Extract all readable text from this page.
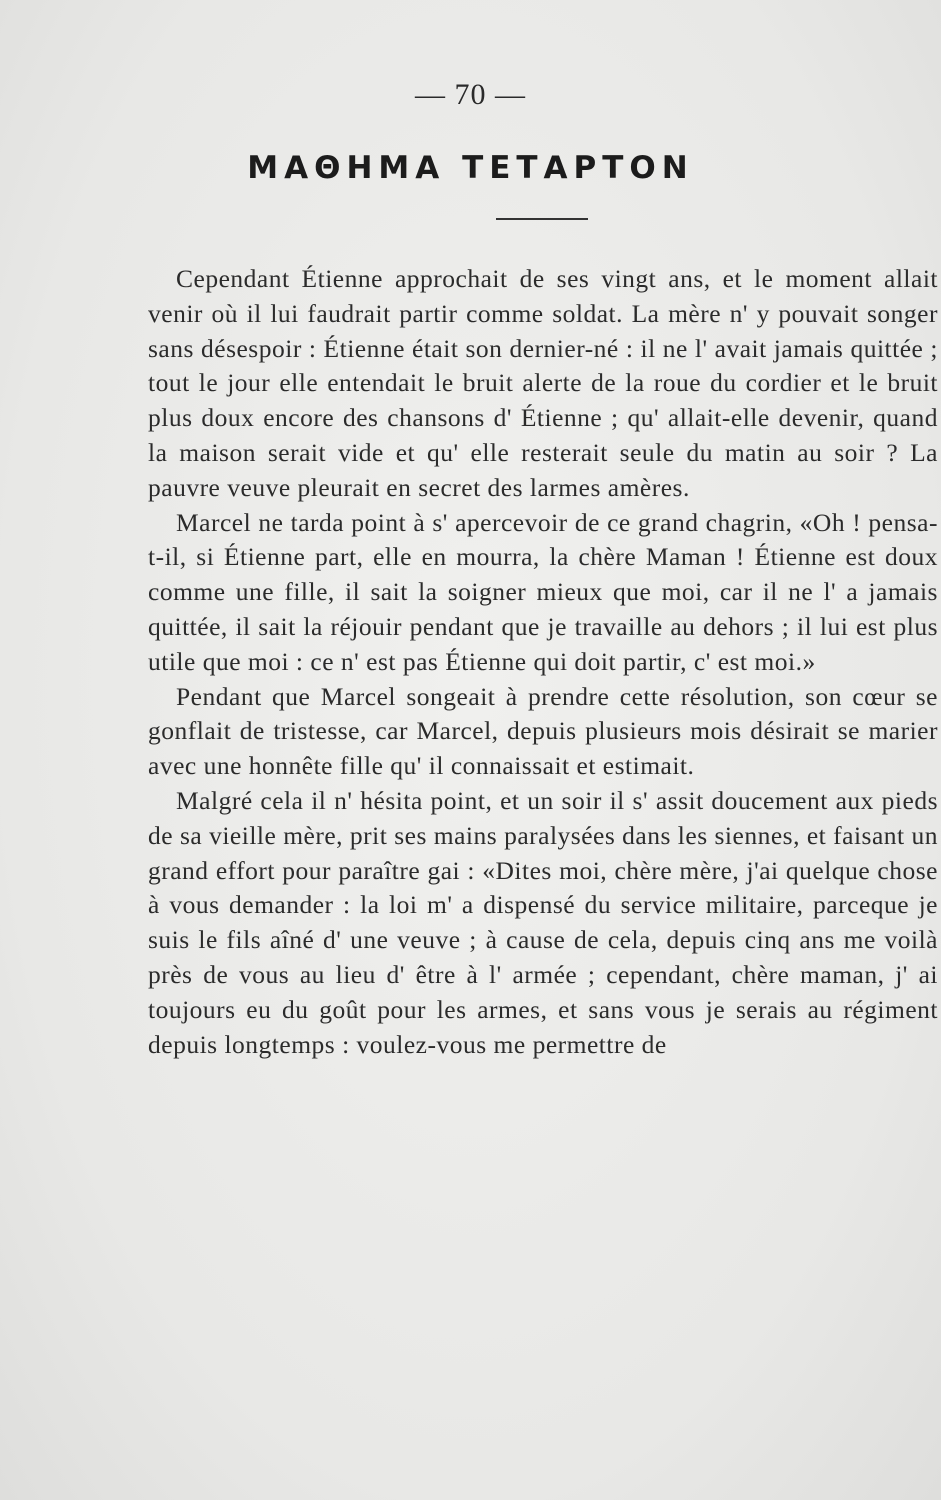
— 70 —
ΜΑΘΗΜΑ ΤΕΤΑΡΤΟΝ

Cependant Étienne approchait de ses vingt ans, et le moment allait venir où il lui faudrait partir comme soldat. La mère n' y pouvait songer sans désespoir : Étienne était son dernier-né : il ne l' avait jamais quittée ; tout le jour elle entendait le bruit alerte de la roue du cordier et le bruit plus doux encore des chansons d' Étienne ; qu' allait-elle devenir, quand la maison serait vide et qu' elle resterait seule du matin au soir ? La pauvre veuve pleurait en secret des larmes amères.

Marcel ne tarda point à s' apercevoir de ce grand chagrin, «Oh ! pensa-t-il, si Étienne part, elle en mourra, la chère Maman ! Étienne est doux comme une fille, il sait la soigner mieux que moi, car il ne l' a jamais quittée, il sait la réjouir pendant que je travaille au dehors ; il lui est plus utile que moi : ce n' est pas Étienne qui doit partir, c' est moi.»

Pendant que Marcel songeait à prendre cette résolution, son cœur se gonflait de tristesse, car Marcel, depuis plusieurs mois désirait se marier avec une honnête fille qu' il connaissait et estimait.

Malgré cela il n' hésita point, et un soir il s' assit doucement aux pieds de sa vieille mère, prit ses mains paralysées dans les siennes, et faisant un grand effort pour paraître gai : «Dites moi, chère mère, j'ai quelque chose à vous demander : la loi m' a dispensé du service militaire, parceque je suis le fils aîné d' une veuve ; à cause de cela, depuis cinq ans me voilà près de vous au lieu d' être à l' armée ; cependant, chère maman, j' ai toujours eu du goût pour les armes, et sans vous je serais au régiment depuis longtemps : voulez-vous me permettre de
